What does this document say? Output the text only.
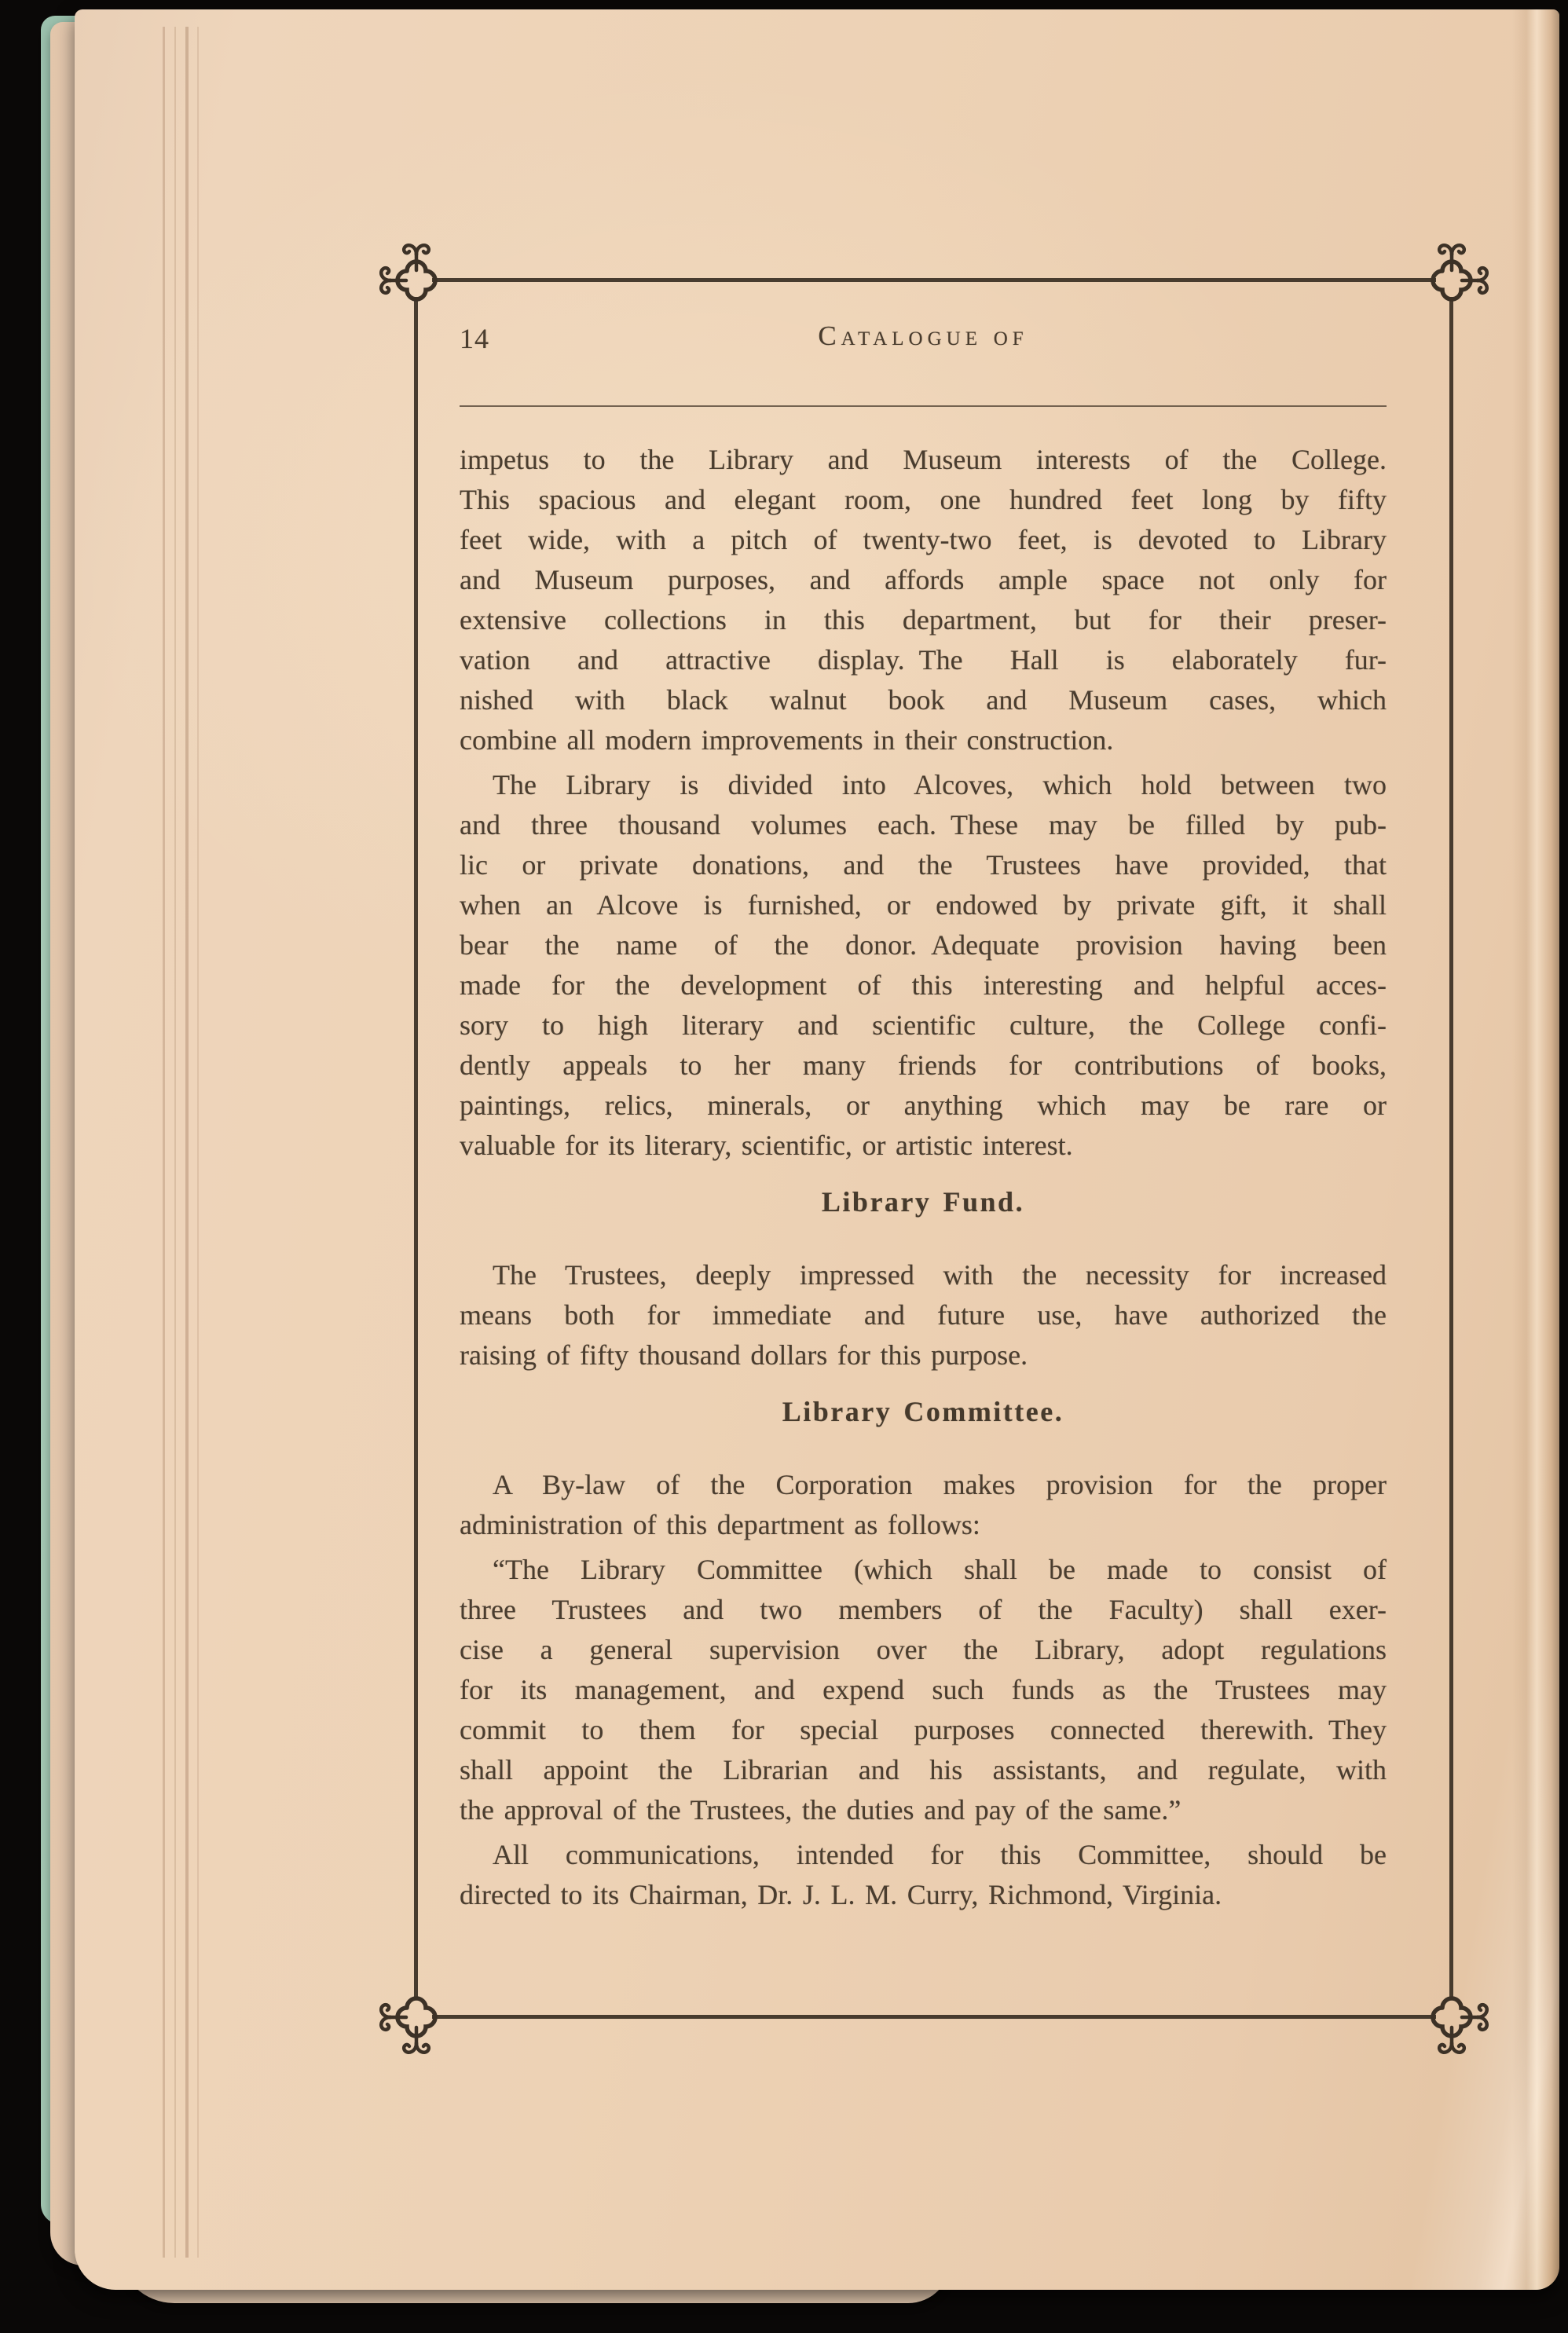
14	Catalogue of
impetus to the Library and Museum interests of the College.
This spacious and elegant room, one hundred feet long by fifty
feet wide, with a pitch of twenty-two feet, is devoted to Library
and Museum purposes, and affords ample space not only for
extensive collections in this department, but for their preser-
vation and attractive display. The Hall is elaborately fur-
nished with black walnut book and Museum cases, which
combine all modern improvements in their construction.
The Library is divided into Alcoves, which hold between two
and three thousand volumes each. These may be filled by pub-
lic or private donations, and the Trustees have provided, that
when an Alcove is furnished, or endowed by private gift, it shall
bear the name of the donor. Adequate provision having been
made for the development of this interesting and helpful acces-
sory to high literary and scientific culture, the College confi-
dently appeals to her many friends for contributions of books,
paintings, relics, minerals, or anything which may be rare or
valuable for its literary, scientific, or artistic interest.
Library Fund.
The Trustees, deeply impressed with the necessity for increased
means both for immediate and future use, have authorized the
raising of fifty thousand dollars for this purpose.
Library Committee.
A By-law of the Corporation makes provision for the proper
administration of this department as follows:
“The Library Committee (which shall be made to consist of
three Trustees and two members of the Faculty) shall exer-
cise a general supervision over the Library, adopt regulations
for its management, and expend such funds as the Trustees may
commit to them for special purposes connected therewith. They
shall appoint the Librarian and his assistants, and regulate, with
the approval of the Trustees, the duties and pay of the same.”
All communications, intended for this Committee, should be
directed to its Chairman, Dr. J. L. M. Curry, Richmond, Virginia.
